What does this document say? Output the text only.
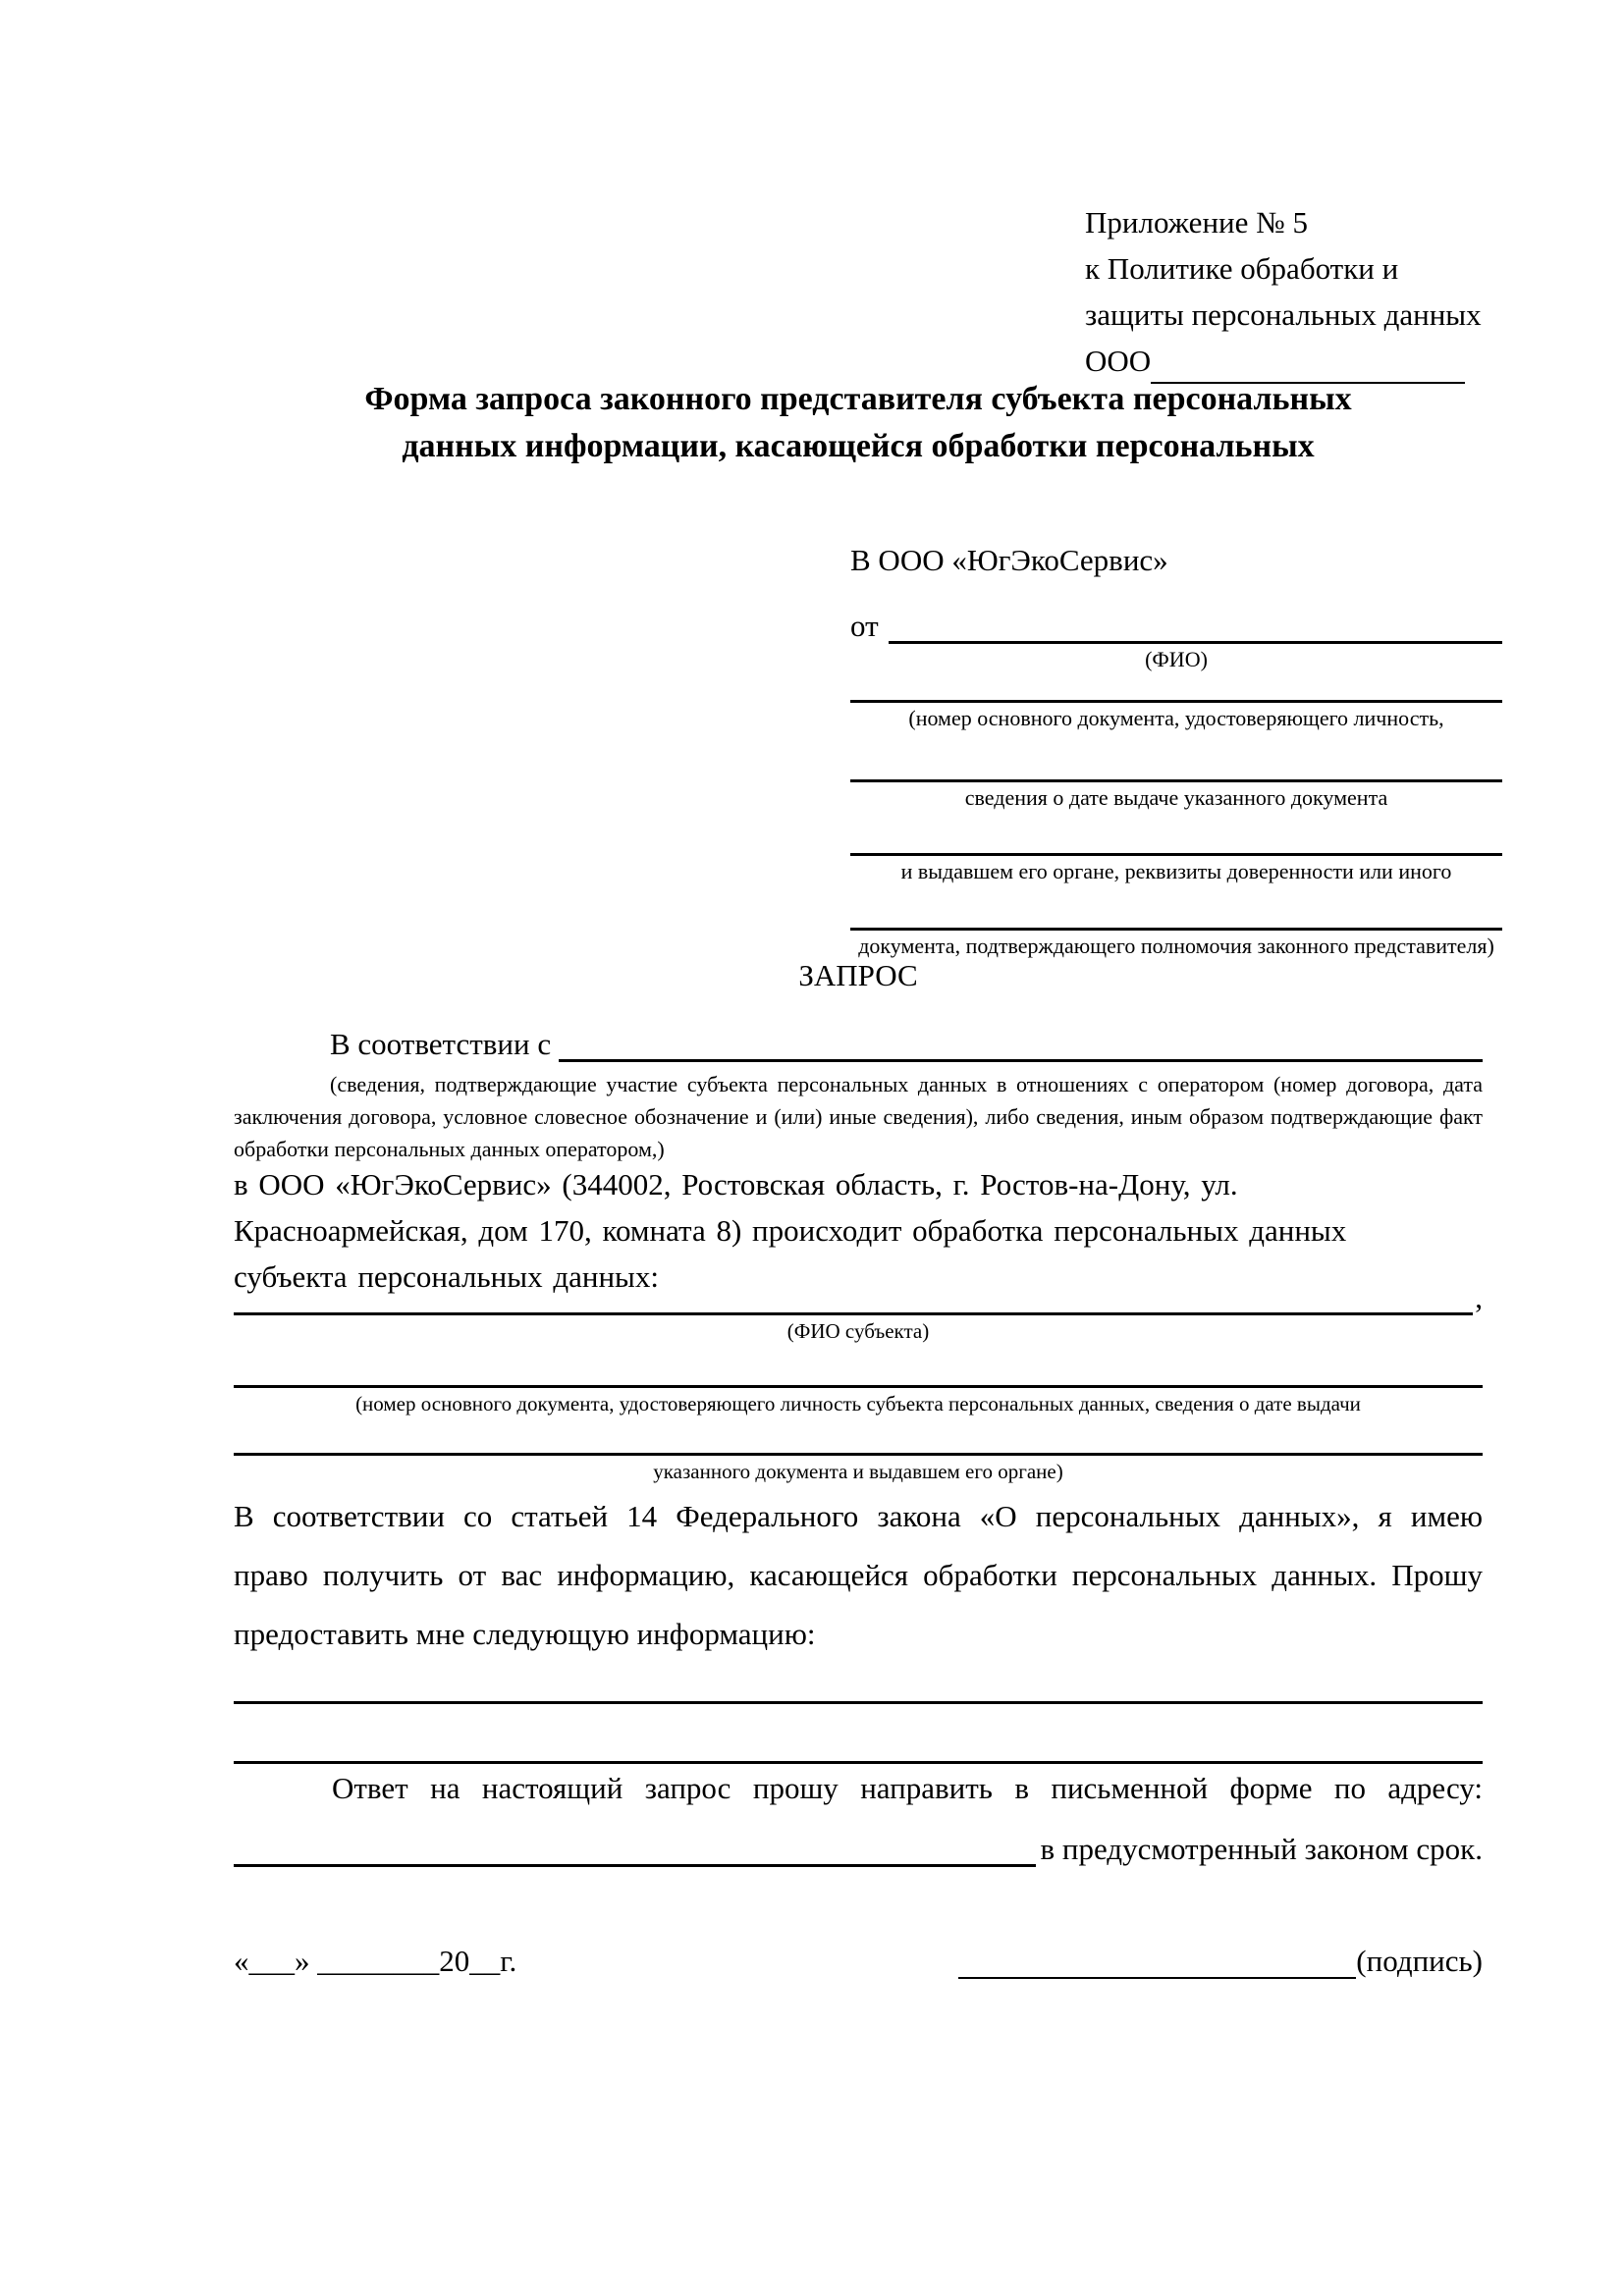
Приложение № 5
к Политике обработки и
защиты персональных данных
ООО
Форма запроса законного представителя субъекта персональных
данных информации, касающейся обработки персональных
В ООО «ЮгЭкоСервис»
от
(ФИО)
(номер основного документа, удостоверяющего личность,
сведения о дате выдаче указанного документа
и выдавшем его органе, реквизиты доверенности или иного
документа, подтверждающего полномочия законного представителя)
ЗАПРОС
В соответствии с
(сведения, подтверждающие участие субъекта персональных данных в отношениях с оператором (номер договора, дата
заключения договора, условное словесное обозначение и (или) иные сведения), либо сведения, иным образом подтверждающие факт
обработки персональных данных оператором,)
в ООО «ЮгЭкоСервис» (344002, Ростовская область, г. Ростов-на-Дону, ул.
Красноармейская, дом 170, комната 8) происходит обработка персональных данных
субъекта персональных данных:
,
(ФИО субъекта)
(номер основного документа, удостоверяющего личность субъекта персональных данных, сведения о дате выдачи
указанного документа и выдавшем его органе)
В соответствии со статьей 14 Федерального закона «О персональных данных», я имею
право получить от вас информацию, касающейся обработки персональных данных. Прошу
предоставить мне следующую информацию:
Ответ на настоящий запрос прошу направить в письменной форме по адресу:
в предусмотренный законом срок.
«___» ________20__г.	(подпись)
